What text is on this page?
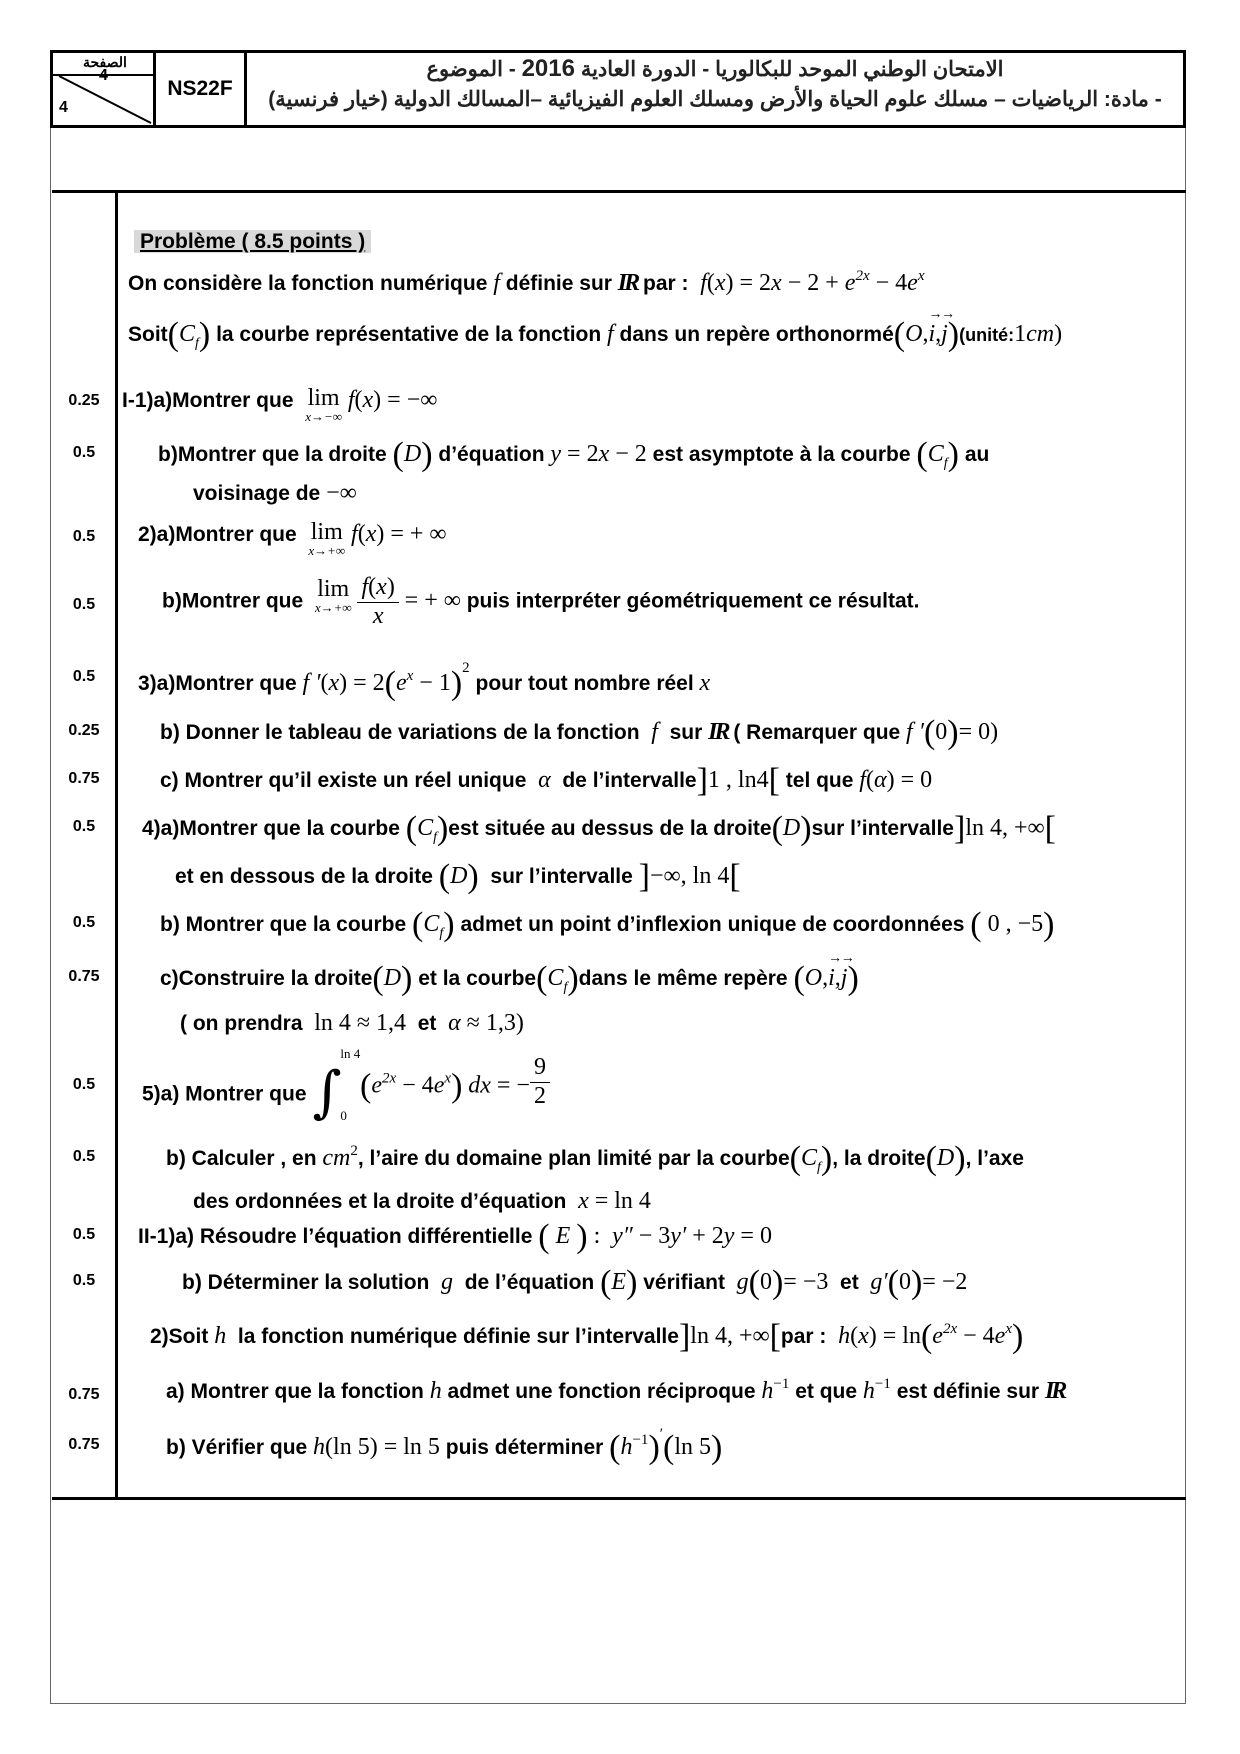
الصفحة
4
4
NS22F
الامتحان الوطني الموحد للبكالوريا - الدورة العادية 2016 - الموضوع
- مادة: الرياضيات – مسلك علوم الحياة والأرض ومسلك العلوم الفيزيائية –المسالك الدولية (خيار فرنسية)
Problème ( 8.5 points )
On considère la fonction numérique f définie sur IR par : $f(x) = 2x - 2 + e^{2x} - 4e^x$
$Soit(C_f)$ la courbe représentative de la fonction f dans un repère orthonormé(O,→ i,→ j)(unité:1cm)
0.25	I-1)a)Montrer que lim
x→−∞
f(x) = −∞
0.5	b)Montrer que la droite (D) d’équation y = 2x − 2 est asymptote à la courbe $(C_f)$ au
voisinage de −∞
0.5	2)a)Montrer que lim
x→+∞
f(x) = + ∞
0.5	b)Montrer que lim
x→+∞
$\frac{f(x)}{x}$ = + ∞ puis interpréter géométriquement ce résultat.
0.5	3)a)Montrer que f $'(x) = 2(e^x - 1)^2$ pour tout nombre réel x
0.25	b) Donner le tableau de variations de la fonction f sur IR ( Remarquer que f ′(0)= 0)
0.75	c) Montrer qu’il existe un réel unique α de l’intervalle]1 , ln4[ tel que f(α) = 0
0.5	4)a)Montrer que la courbe $(C_f)est$ située au dessus de la droite(D)sur l’intervalle]ln 4, +∞[
et en dessous de la droite (D) sur l’intervalle ]−∞, ln 4[
0.5	b) Montrer que la courbe $(C_f)$ admet un point d’inflexion unique de coordonnées ( 0 , −5)
0.75	c)Construire la droite(D) et la $courbe(C_f)dans$ le même repère (O,→ i,→ j)
( on prendra ln 4 ≈ 1,4 et α ≈ 1,3)
0.5	5)a) Montrer que ∫
ln 4
0
$(e^{2x} - 4e^x)$ dx = − $\frac{9}{2}$
0.5	b) Calculer , en $cm^2$, l’aire du domaine plan limité par la $courbe(C_f)$, la droite(D), l’axe
des ordonnées et la droite d’équation x = ln 4
0.5	II-1)a) Résoudre l’équation différentielle ( E ) :  y″ − 3y′ + 2y = 0
0.5	b) Déterminer la solution g de l’équation (E) vérifiant g(0)= −3 et g′(0)= −2
2)Soit h la fonction numérique définie sur l’intervalle]ln 4, +∞[par : $h(x) = \ln(e^{2x} - 4e^x)$
0.75	a) Montrer que la fonction h admet une fonction réciproque $h^{-1}$ et que $h^{-1}$ est définie sur IR
0.75	b) Vérifier que h(ln 5) = ln 5 puis déterminer $(h^{-1})'(\ln$ 5)
